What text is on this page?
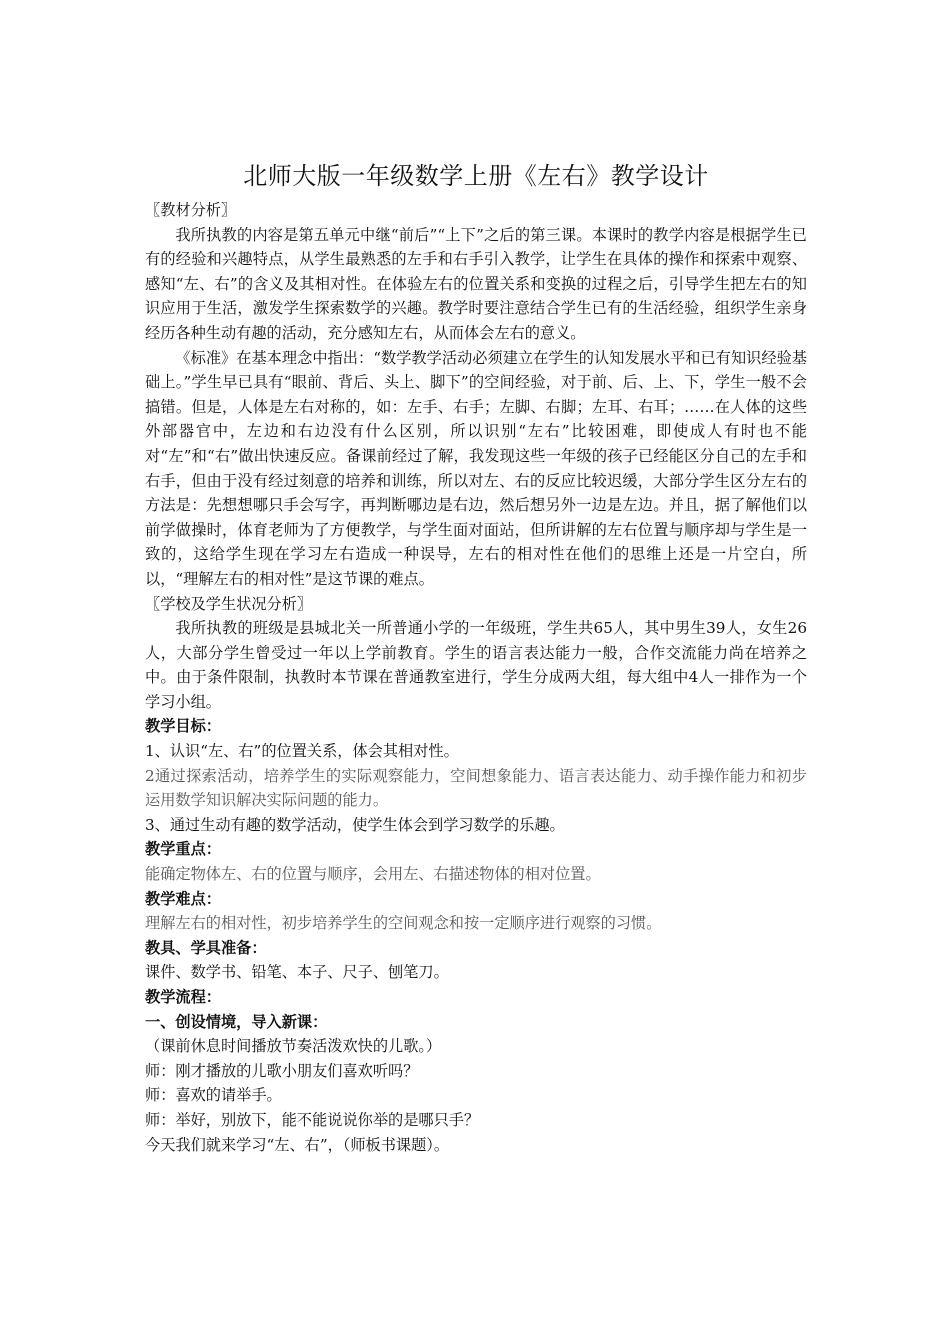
北师大版一年级数学上册《左右》教学设计

〖教材分析〗

我所执教的内容是第五单元中继“前后”“上下”之后的第三课。本课时的教学内容是根据学生已有的经验和兴趣特点，从学生最熟悉的左手和右手引入教学，让学生在具体的操作和探索中观察、感知“左、右”的含义及其相对性。在体验左右的位置关系和变换的过程之后，引导学生把左右的知识应用于生活，激发学生探索数学的兴趣。教学时要注意结合学生已有的生活经验，组织学生亲身经历各种生动有趣的活动，充分感知左右，从而体会左右的意义。

《标准》在基本理念中指出：“数学教学活动必须建立在学生的认知发展水平和已有知识经验基础上。”学生早已具有“眼前、背后、头上、脚下”的空间经验，对于前、后、上、下，学生一般不会搞错。但是，人体是左右对称的，如：左手、右手；左脚、右脚；左耳、右耳；……在人体的这些外部器官中，左边和右边没有什么区别，所以识别“左右”比较困难，即使成人有时也不能对“左”和“右”做出快速反应。备课前经过了解，我发现这些一年级的孩子已经能区分自己的左手和右手，但由于没有经过刻意的培养和训练，所以对左、右的反应比较迟缓，大部分学生区分左右的方法是：先想想哪只手会写字，再判断哪边是右边，然后想另外一边是左边。并且，据了解他们以前学做操时，体育老师为了方便教学，与学生面对面站，但所讲解的左右位置与顺序却与学生是一致的，这给学生现在学习左右造成一种误导，左右的相对性在他们的思维上还是一片空白，所以，“理解左右的相对性”是这节课的难点。

〖学校及学生状况分析〗

我所执教的班级是县城北关一所普通小学的一年级班，学生共65人，其中男生39人，女生26人，大部分学生曾受过一年以上学前教育。学生的语言表达能力一般，合作交流能力尚在培养之中。由于条件限制，执教时本节课在普通教室进行，学生分成两大组，每大组中4人一排作为一个学习小组。

教学目标：

1、认识“左、右”的位置关系，体会其相对性。

2通过探索活动，培养学生的实际观察能力，空间想象能力、语言表达能力、动手操作能力和初步运用数学知识解决实际问题的能力。

3、通过生动有趣的数学活动，使学生体会到学习数学的乐趣。

教学重点：

能确定物体左、右的位置与顺序，会用左、右描述物体的相对位置。

教学难点：

理解左右的相对性，初步培养学生的空间观念和按一定顺序进行观察的习惯。

教具、学具准备：

课件、数学书、铅笔、本子、尺子、刨笔刀。

教学流程：

一、创设情境，导入新课：

（课前休息时间播放节奏活泼欢快的儿歌。）

师：刚才播放的儿歌小朋友们喜欢听吗？

师：喜欢的请举手。

师：举好，别放下，能不能说说你举的是哪只手？

今天我们就来学习“左、右”，（师板书课题）。
